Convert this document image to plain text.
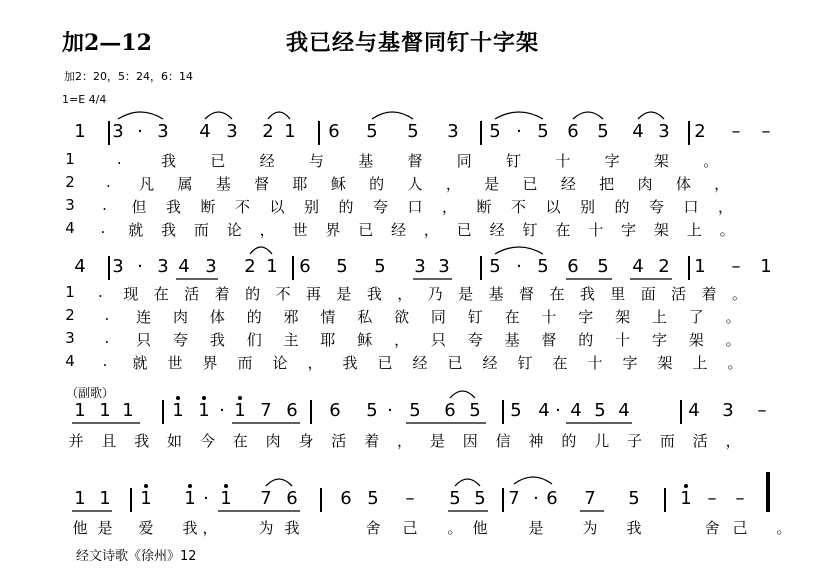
加2—12	我已经与基督同钉十字架
加2：20，5：24，6：14
1=E 4/4
（副歌）
经文诗歌《徐州》12
1 3 · 3 4 3 2 1 6 5 5 3 5 · 5 6 5 4 3 2 – –
1	.	我 已 经 与 基 督 同 钉 十 字 架 。
2	.	凡 属 基 督 耶 稣 的 人 ， 是 已 经 把 肉 体 ，
3	.	但 我 断 不 以 别 的 夸 口 ， 断 不 以 别 的 夸 口 ，
4	.	就 我 而 论 ， 世 界 已 经 ， 已 经 钉 在 十 字 架 上 。
4 3 · 3 4 3 2 1 6 5 5 3 3 5 · 5 6 5 4 2 1 – 1
1	.	现 在 活 着 的 不 再 是 我 ， 乃 是 基 督 在 我 里 面 活 着 。
2	.	连 肉 体 的 邪 情 私 欲 同 钉 在 十 字 架 上 了 。
3	.	只 夸 我 们 主 耶 稣 ， 只 夸 基 督 的 十 字 架 。
4	.	就 世 界 而 论 ， 我 已 经 已 经 钉 在 十 字 架 上 。
1 1 1 1 1 · 1 7 6 6 5 · 5 6 5 5 4 · 4 5 4	4 3 –
并 且 我 如 今 在 肉 身 活 着 ， 是 因 信 神 的 儿 子 而 活 ，
1 1 1 1 · 1 7 6 6 5 – 5 5 7 · 6 7 5 1 – –
他 是 爱 我 ，	为 我	舍 己 。 他	是	为 我	舍 己 。
